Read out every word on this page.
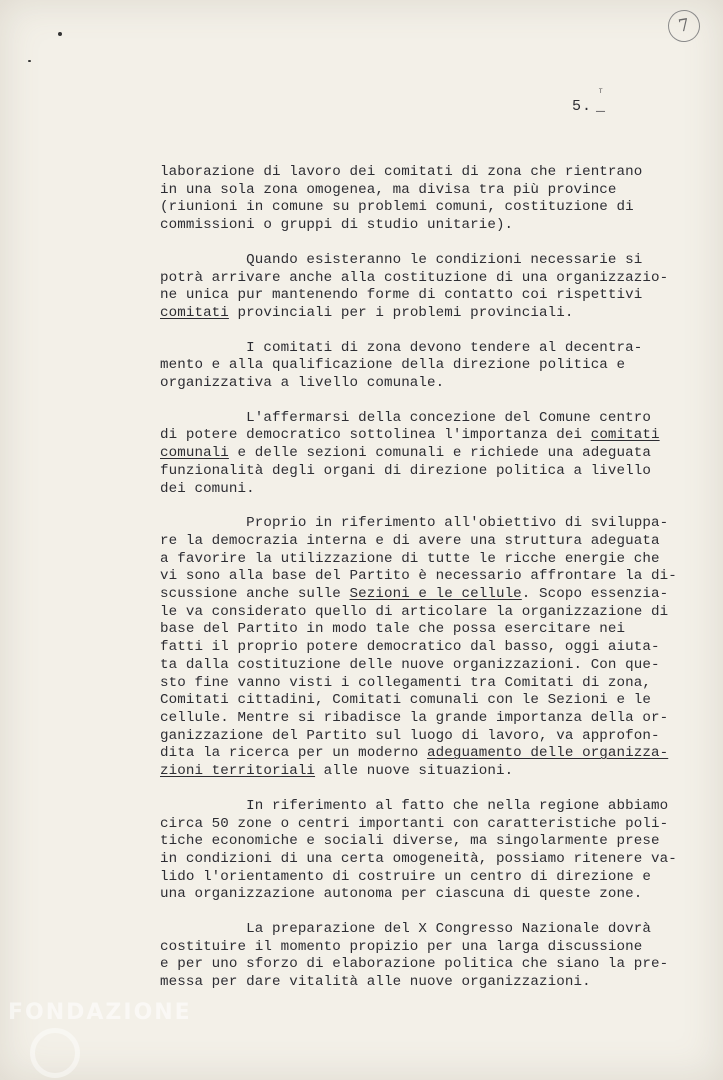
7
ᵀ
5. _
laborazione di lavoro dei comitati di zona che rientrano
in una sola zona omogenea, ma divisa tra più province
(riunioni in comune su problemi comuni, costituzione di
commissioni o gruppi di studio unitarie).
Quando esisteranno le condizioni necessarie si
potrà arrivare anche alla costituzione di una organizzazio-
ne unica pur mantenendo forme di contatto coi rispettivi
comitati provinciali per i problemi provinciali.
I comitati di zona devono tendere al decentra-
mento e alla qualificazione della direzione politica e
organizzativa a livello comunale.
L'affermarsi della concezione del Comune centro
di potere democratico sottolinea l'importanza dei comitati
comunali e delle sezioni comunali e richiede una adeguata
funzionalità degli organi di direzione politica a livello
dei comuni.
Proprio in riferimento all'obiettivo di sviluppa-
re la democrazia interna e di avere una struttura adeguata
a favorire la utilizzazione di tutte le ricche energie che
vi sono alla base del Partito è necessario affrontare la di-
scussione anche sulle Sezioni e le cellule. Scopo essenzia-
le va considerato quello di articolare la organizzazione di
base del Partito in modo tale che possa esercitare nei
fatti il proprio potere democratico dal basso, oggi aiuta-
ta dalla costituzione delle nuove organizzazioni. Con que-
sto fine vanno visti i collegamenti tra Comitati di zona,
Comitati cittadini, Comitati comunali con le Sezioni e le
cellule. Mentre si ribadisce la grande importanza della or-
ganizzazione del Partito sul luogo di lavoro, va approfon-
dita la ricerca per un moderno adeguamento delle organizza-
zioni territoriali alle nuove situazioni.
In riferimento al fatto che nella regione abbiamo
circa 50 zone o centri importanti con caratteristiche poli-
tiche economiche e sociali diverse, ma singolarmente prese
in condizioni di una certa omogeneità, possiamo ritenere va-
lido l'orientamento di costruire un centro di direzione e
una organizzazione autonoma per ciascuna di queste zone.
La preparazione del X Congresso Nazionale dovrà
costituire il momento propizio per una larga discussione
e per uno sforzo di elaborazione politica che siano la pre-
messa per dare vitalità alle nuove organizzazioni.
FONDAZIONE
